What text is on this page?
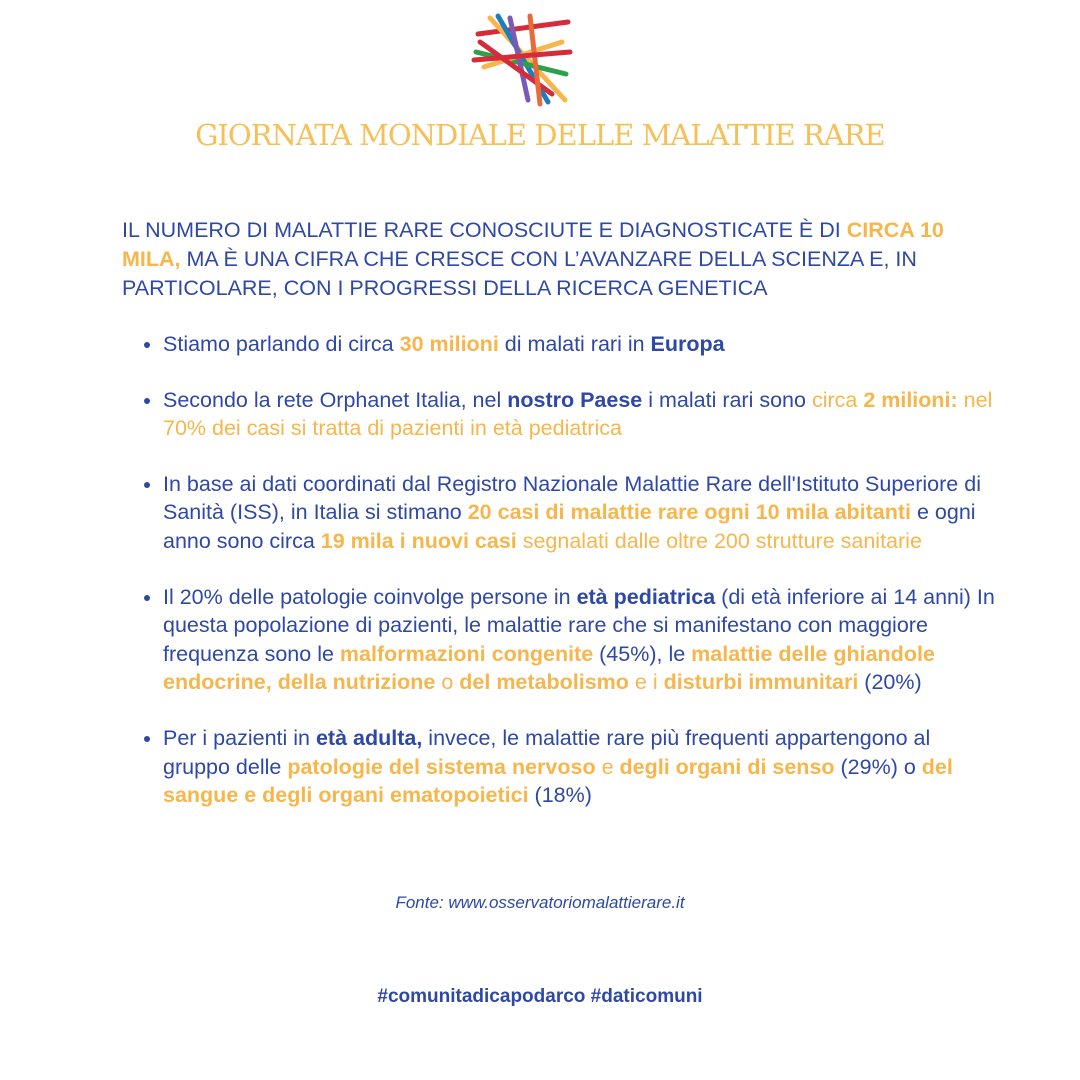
GIORNATA MONDIALE DELLE MALATTIE RARE

IL NUMERO DI MALATTIE RARE CONOSCIUTE E DIAGNOSTICATE È DI CIRCA 10 MILA, MA È UNA CIFRA CHE CRESCE CON L’AVANZARE DELLA SCIENZA E, IN PARTICOLARE, CON I PROGRESSI DELLA RICERCA GENETICA

• Stiamo parlando di circa 30 milioni di malati rari in Europa
• Secondo la rete Orphanet Italia, nel nostro Paese i malati rari sono circa 2 milioni: nel 70% dei casi si tratta di pazienti in età pediatrica
• In base ai dati coordinati dal Registro Nazionale Malattie Rare dell'Istituto Superiore di Sanità (ISS), in Italia si stimano 20 casi di malattie rare ogni 10 mila abitanti e ogni anno sono circa 19 mila i nuovi casi segnalati dalle oltre 200 strutture sanitarie
• Il 20% delle patologie coinvolge persone in età pediatrica (di età inferiore ai 14 anni) In questa popolazione di pazienti, le malattie rare che si manifestano con maggiore frequenza sono le malformazioni congenite (45%), le malattie delle ghiandole endocrine, della nutrizione o del metabolismo e i disturbi immunitari (20%)
• Per i pazienti in età adulta, invece, le malattie rare più frequenti appartengono al gruppo delle patologie del sistema nervoso e degli organi di senso (29%) o del sangue e degli organi ematopoietici (18%)
Fonte: www.osservatoriomalattierare.it
#comunitadicapodarco #daticomuni
